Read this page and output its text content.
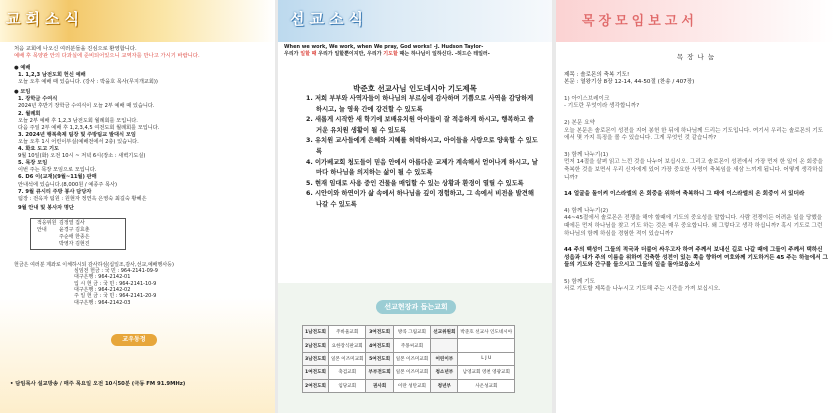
교회소식
처음 교회에 나오신 여러분들을 진심으로 환영합니다.
예배 후 목양관 안의 다과실에 준비되어있으니 교역자를 만나고 가시기 바랍니다.
● 예배
1. 1,2,3 남전도회 헌신 예배
오늘 오후 예배 때 있습니다. (강사 : 박을호 목사(무지개교회))
● 모임
1. 장학금 수여식
2024년 후반기 장학금 수여식이 오늘 2부 예배 때 있습니다.
2. 월례회
오늘 2부 예배 후 1,2,3 남전도회 월례회를 모입니다.
다음 주일 2부 예배 후 1,2,3,4,5 여전도회 월례회를 모입니다.
3. 2024년 행복축제 팀장 및 주방팀교 발대식 모임
오늘 오후 1시 어린이부실(예배전에서 2층) 있습니다.
4. 화요 도고 기도
9월 10일(화) 오전 10시 ~ 저녁 6시(장소 : 새벽기도실)
5. 목장 모임
이번 주는 목장 모임으로 모입니다.
6. D6 이(교재)(9월~11월) 판매
안내석에 있습니다.(8,000원 / 예종주 목사)
7. 9월 큐시티 주방 봉사 담당자
팀장 : 전옥자 팀원 : 원현자 정연옥 은영숙 최길숙 황혜은
9월 안내 및 봉사자 명단
적응위원 김정열 집사
안내	윤경구 김효춘
주순애 한종은
박영자 김현진
헌금은 여러분 계좌로 이체하시되 감사하심(십일조,감사,선교,예배행사등)
심임전 헌금 : 국 민 : 964-2141-09-9
대구은행 : 964-2142-01
입 시 헌 금 : 국 민 : 964-2141-10-9
대구은행 : 964-2142-02
주 일 헌 금 : 국 민 : 964-2141-20-9
대구은행 : 964-2142-03
교우동정
• 담임목사 설교방송 / 매주 목요일 오전 10시50분 (극동 FM 91.9MHz)
선교소식
When we work, We work, when We pray, God works! -J. Hudson Taylor-
우리가 일할 때 우리가 일할뿐이지만, 우리가 기도할 때는 하나님이 일하신다. -허드슨 테일러-
박준호 선교사님 인도네시아 기도제목
1. 저희 부부와 사역자들이 하나님의 부르심에 감사하며 기쁨으로 사역을 감당하게 하시고, 늘 영육 간에 강건할 수 있도록
2. 새롭게 시작한 새 학기에 보배유치원 아이들이 잘 적응하게 하시고, 행복하고 즐거운 유치원 생활이 될 수 있도록
3. 유치원 교사들에게 은혜와 지혜를 허락하시고, 아이들을 사랑으로 양육할 수 있도록
4. 이가베교회 청도들이 믿음 안에서 아름다운 교제가 계속해서 얻어나게 하시고, 날마다 하나님을 의지하는 삶이 될 수 있도록
5. 현재 임대로 사용 중인 건물을 매입할 수 있는 상황과 환경이 열릴 수 있도록
6. 시안이와 하연이가 삶 속에서 하나님을 깊이 경험하고, 그 속에서 비전을 발견해 나갈 수 있도록
선교현장과 돕는교회
1남전도회	주바울교회	3여전도회	방콕 그림교회	선교위원회	박준호 선교사 인도네시아
2남전도회	요한장식판교회	4여전도회	주몽씨교회		
3남전도회	일본 이즈미교회	5여전도회	일본 이즈미교회	어린이부	L J U
1여전도회	축검교회	부부전도회	일본 이즈미교회	청소년부	남영교회 영천 영광교회
2여전도회	임당교회	권사회	이란 성탄교회	청년부	사온성교회
목장모임보고서
목 장 나 눔
제목 : 솔로몬의 축복 기도!
본문 : 열왕기상 8장 12-14, 44-50절 (찬송 / 407장)
1) 아이스브레이크
- 기도란 무엇이라 생각합니까?
2) 본문 요약
오늘 본문은 솔로몬이 성전을 지어 봉헌 한 뒤에 하나님께 드리는 기도입니다. 여기서 우리는 솔로몬의 기도에서 몇 가지 특징을 볼 수 있습니다. 그게 무엇인 것 같습니까?
3) 함께 나누기(1)
먼저 14절을 살펴 읽고 느낀 것을 나누어 보십시오. 그리고 솔로몬이 성전에서 가장 먼저 한 일이 온 회중을 축복한 것을 보면서 우리 신자에게 있어 가장 중요한 사명이 축복임을 새삼 느끼게 됩니다. 어떻게 생각하십니까?
14 얼굴을 돌이켜 이스라엘의 온 회중을 위하여 축복하니 그 때에 이스라엘의 온 회중이 서 있더라
4) 함께 나누기(2)
44~45절에서 솔로몬은 전쟁을 해야 할때에 기도의 중요성을 말합니다. 사람 전쟁이든 어려운 일을 당했을 때에든 먼저 하나님을 찾고 기도 하는 것은 매우 중요합니다. 왜 그렇다고 생각 하십니까? 혹시 기도로 그런 하나님의 함께 하심을 경험한 적이 있습니까?
44 주의 백성이 그들의 적국과 더불어 싸우고자 하여 주께서 보내신 길로 나갈 때에 그들이 주께서 택하신 성읍과 내가 주의 이름을 위하여 건축한 성전이 있는 쪽을 향하여 여호와께 기도하거든 45 주는 하늘에서 그들의 기도와 간구를 들으시고 그들의 일을 돌아보옵소서
5) 함께 기도
서로 기도할 제목을 나누시고 기도해 주는 시간을 가져 보십시오.
